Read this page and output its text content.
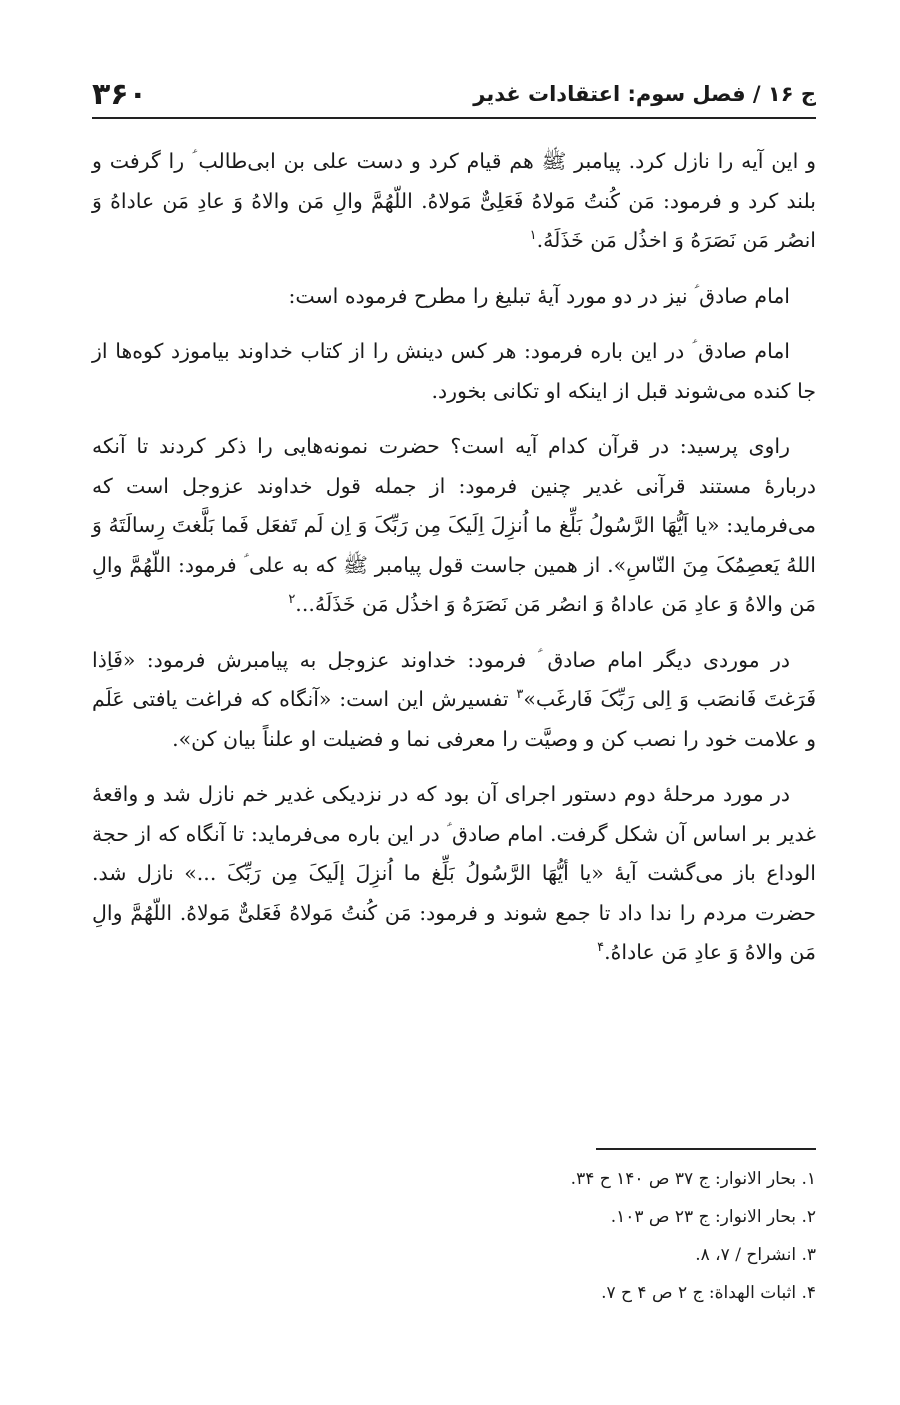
ج ۱۶ / فصل سوم: اعتقادات غدیر
۳۶۰

و این آیه را نازل کرد. پیامبر ﷺ هم قیام کرد و دست علی بن ابی‌طالب ؑ را گرفت و بلند کرد و فرمود: مَن کُنتُ مَولاهُ فَعَلِیٌّ مَولاهُ. اللّهُمَّ والِ مَن والاهُ وَ عادِ مَن عاداهُ وَ انصُر مَن نَصَرَهُ وَ اخذُل مَن خَذَلَهُ.$^۱$

امام صادق ؑ نیز در دو مورد آیهٔ تبلیغ را مطرح فرموده است:

امام صادق ؑ در این باره فرمود: هر کس دینش را از کتاب خداوند بیاموزد کوه‌ها از جا کنده می‌شوند قبل از اینکه او تکانی بخورد.

راوی پرسید: در قرآن کدام آیه است؟ حضرت نمونه‌هایی را ذکر کردند تا آنکه دربارهٔ مستند قرآنی غدیر چنین فرمود: از جمله قول خداوند عزوجل است که می‌فرماید: «یا اَیُّهَا الرَّسُولُ بَلِّغ ما اُنزِلَ اِلَیکَ مِن رَبِّکَ وَ اِن لَم تَفعَل فَما بَلَّغتَ رِسالَتَهُ وَ اللهُ یَعصِمُکَ مِنَ النّاسِ». از همین جاست قول پیامبر ﷺ که به علی ؑ فرمود: اللّهُمَّ والِ مَن والاهُ وَ عادِ مَن عاداهُ وَ انصُر مَن نَصَرَهُ وَ اخذُل مَن خَذَلَهُ...$^۲$

در موردی دیگر امام صادق ؑ فرمود: خداوند عزوجل به پیامبرش فرمود: «فَاِذا فَرَغتَ فَانصَب وَ اِلی رَبِّکَ فَارغَب»$^۳$ تفسیرش این است: «آنگاه که فراغت یافتی عَلَم و علامت خود را نصب کن و وصیَّت را معرفی نما و فضیلت او علناً بیان کن».

در مورد مرحلهٔ دوم دستور اجرای آن بود که در نزدیکی غدیر خم نازل شد و واقعهٔ غدیر بر اساس آن شکل گرفت. امام صادق ؑ در این باره می‌فرماید: تا آنگاه که از حجة الوداع باز می‌گشت آیهٔ «یا أیُّهَا الرَّسُولُ بَلِّغ ما اُنزِلَ إلَیکَ مِن رَبِّکَ ...» نازل شد. حضرت مردم را ندا داد تا جمع شوند و فرمود: مَن کُنتُ مَولاهُ فَعَلیٌّ مَولاهُ. اللّهُمَّ والِ مَن والاهُ وَ عادِ مَن عاداهُ.$^۴$

۱. بحار الانوار: ج ۳۷ ص ۱۴۰ ح ۳۴.

۲. بحار الانوار: ج ۲۳ ص ۱۰۳.

۳. انشراح / ۷، ۸.

۴. اثبات الهداة: ج ۲ ص ۴ ح ۷.
